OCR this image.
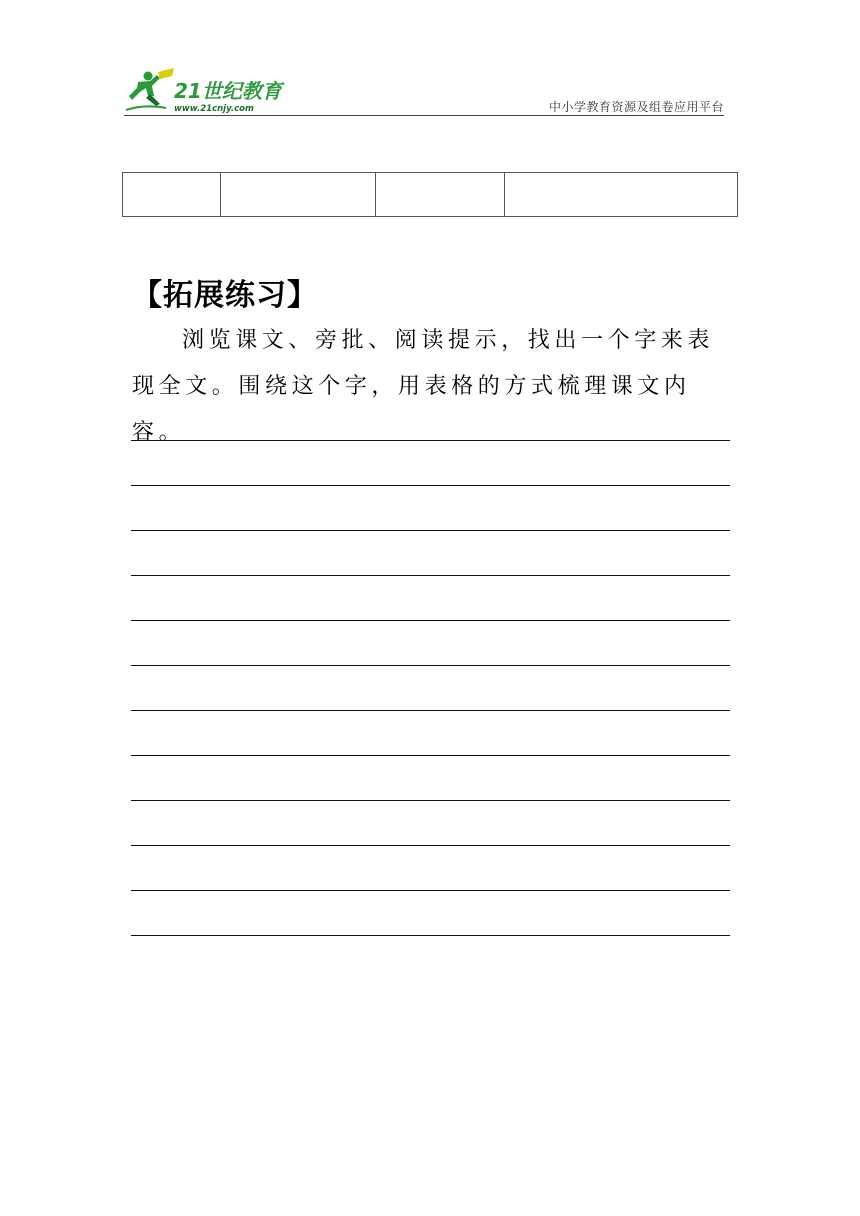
21世纪教育
www.21cnjy.com	中小学教育资源及组卷应用平台

【拓展练习】
浏览课文、旁批、阅读提示，找出一个字来表现全文。围绕这个字，用表格的方式梳理课文内容。
